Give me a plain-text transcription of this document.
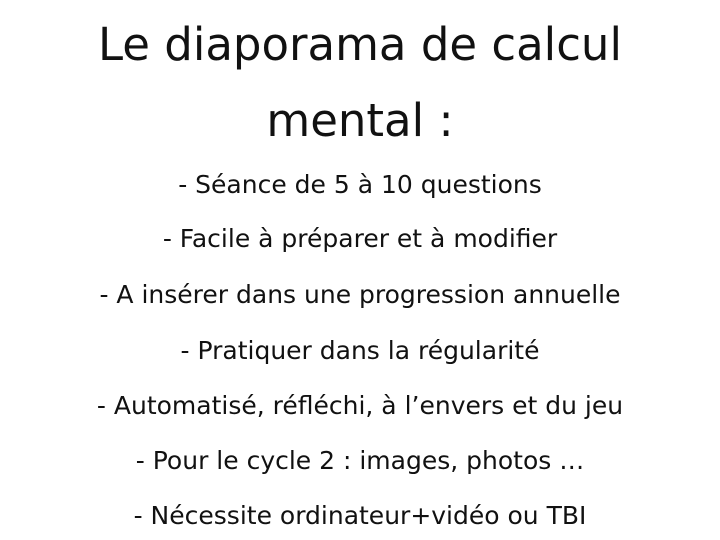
Le diaporama de calcul
mental :
- Séance de 5 à 10 questions
- Facile à préparer et à modifier
- A insérer dans une progression annuelle
- Pratiquer dans la régularité
- Automatisé, réfléchi, à l’envers et du jeu
- Pour le cycle 2 : images, photos …
- Nécessite ordinateur+vidéo ou TBI
